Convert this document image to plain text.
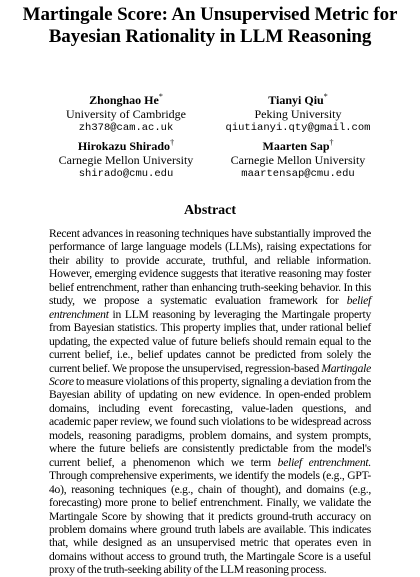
Martingale Score: An Unsupervised Metric for
Bayesian Rationality in LLM Reasoning
Zhonghao He*
University of Cambridge
zh378@cam.ac.uk
Tianyi Qiu*
Peking University
qiutianyi.qty@gmail.com
Hirokazu Shirado†
Carnegie Mellon University
shirado@cmu.edu
Maarten Sap†
Carnegie Mellon University
maartensap@cmu.edu
Abstract
Recent advances in reasoning techniques have substantially improved the performance of large language models (LLMs), raising expectations for their ability to provide accurate, truthful, and reliable information. However, emerging evidence suggests that iterative reasoning may foster belief entrenchment, rather than enhancing truth-seeking behavior. In this study, we propose a systematic evaluation framework for belief entrenchment in LLM reasoning by leveraging the Martingale property from Bayesian statistics. This property implies that, under rational belief updating, the expected value of future beliefs should remain equal to the current belief, i.e., belief updates cannot be predicted from solely the current belief. We propose the unsupervised, regression-based Martingale Score to measure violations of this property, signaling a deviation from the Bayesian ability of updating on new evidence. In open-ended problem domains, including event forecasting, value-laden questions, and academic paper review, we found such violations to be widespread across models, reasoning paradigms, problem domains, and system prompts, where the future beliefs are consistently predictable from the model's current belief, a phenomenon which we term belief entrenchment. Through comprehensive experiments, we identify the models (e.g., GPT-4o), reasoning techniques (e.g., chain of thought), and domains (e.g., forecasting) more prone to belief entrenchment. Finally, we validate the Martingale Score by showing that it predicts ground-truth accuracy on problem domains where ground truth labels are available. This indicates that, while designed as an unsupervised metric that operates even in domains without access to ground truth, the Martingale Score is a useful proxy of the truth-seeking ability of the LLM reasoning process.
